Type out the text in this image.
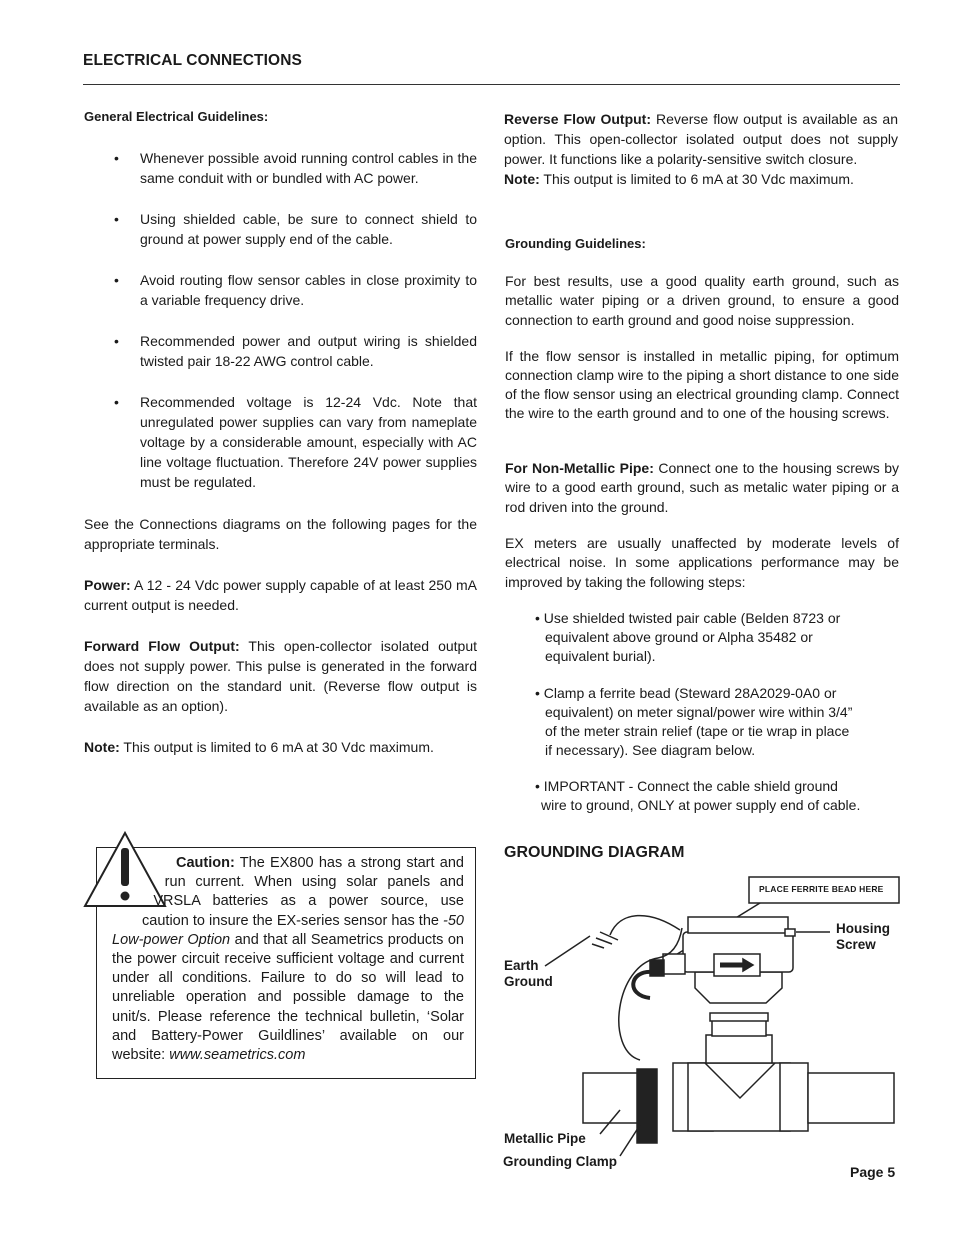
ELECTRICAL CONNECTIONS
General Electrical Guidelines:
• Whenever possible avoid running control cables in the same conduit with or bundled with AC power.
• Using shielded cable, be sure to connect shield to ground at power supply end of the cable.
• Avoid routing flow sensor cables in close proximity to a variable frequency drive.
• Recommended power and output wiring is shielded twisted pair 18-22 AWG control cable.
• Recommended voltage is 12-24 Vdc. Note that unregulated power supplies can vary from nameplate voltage by a considerable amount, especially with AC line voltage fluctuation. Therefore 24V power supplies must be regulated.
See the Connections diagrams on the following pages for the appropriate terminals.
Power: A 12 - 24 Vdc power supply capable of at least 250 mA current output is needed.
Forward Flow Output: This open-collector isolated output does not supply power. This pulse is generated in the forward flow direction on the standard unit. (Reverse flow output is available as an option).
Note: This output is limited to 6 mA at 30 Vdc maximum.
Caution: The EX800 has a strong start and run current. When using solar panels and VRSLA batteries as a power source, use caution to insure the EX-series sensor has the -50 Low-power Option and that all Seametrics products on the power circuit receive sufficient voltage and current under all conditions. Failure to do so will lead to unreliable operation and possible damage to the unit/s. Please reference the technical bulletin, ‘Solar and Battery-Power Guildlines’ available on our website: www.seametrics.com
Reverse Flow Output: Reverse flow output is available as an option. This open-collector isolated output does not supply power. It functions like a polarity-sensitive switch closure.
Note: This output is limited to 6 mA at 30 Vdc maximum.
Grounding Guidelines:
For best results, use a good quality earth ground, such as metallic water piping or a driven ground, to ensure a good connection to earth ground and good noise suppression.
If the flow sensor is installed in metallic piping, for optimum connection clamp wire to the piping a short distance to one side of the flow sensor using an electrical grounding clamp. Connect the wire to the earth ground and to one of the housing screws.
For Non-Metallic Pipe: Connect one to the housing screws by wire to a good earth ground, such as metalic water piping or a rod driven into the ground.
EX meters are usually unaffected by moderate levels of electrical noise. In some applications performance may be improved by taking the following steps:
• Use shielded twisted pair cable (Belden 8723 or
equivalent above ground or Alpha 35482 or
equivalent burial).
• Clamp a ferrite bead (Steward 28A2029-0A0 or
equivalent) on meter signal/power wire within 3/4”
of the meter strain relief (tape or tie wrap in place
if necessary). See diagram below.
• IMPORTANT - Connect the cable shield ground
wire to ground, ONLY at power supply end of cable.
GROUNDING DIAGRAM
PLACE FERRITE BEAD HERE
Housing
Screw
Earth
Ground
Metallic Pipe
Grounding Clamp
Page 5
